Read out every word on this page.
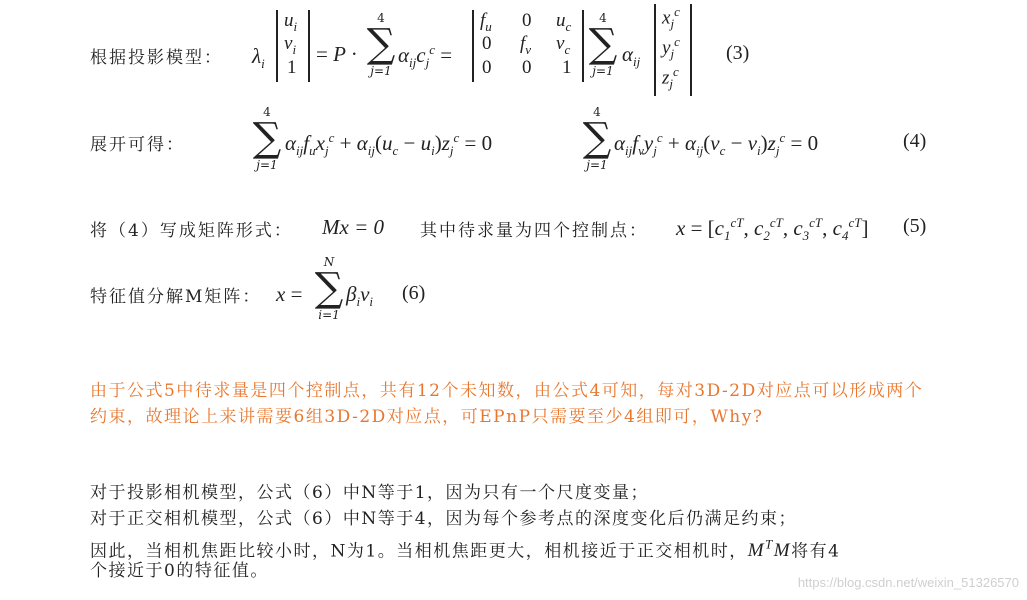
根据投影模型： $\lambda_i$
$u_i$
$v_i$
1
= P ·
4
∑
j=1
$\alpha_{ij}c_j^c$ =
$f_u$ 0 $u_c$
0 $f_v$ $v_c$
0 0 1
4
∑
j=1
$\alpha_{ij}$
$x_j^c$
$y_j^c$
$z_j^c$
(3)
展开可得：
4
∑
j=1
$\alpha_{ij}f_ux_j^c + \alpha_{ij}(u_c - u_i)z_j^c = 0$
4
∑
j=1
$\alpha_{ij}f_vy_j^c + \alpha_{ij}(v_c - v_i)z_j^c = 0$	(4)
将（4）写成矩阵形式： Mx = 0 其中待求量为四个控制点： $x = [c_1^{cT}$, $c_2^{cT}$, $c_3^{cT}$, $c_4^{cT}$] (5)
特征值分解M矩阵： x =
N
∑
i=1
$\beta_iv_i$ (6)
由于公式5中待求量是四个控制点，共有12个未知数，由公式4可知，每对3D-2D对应点可以形成两个约束，故理论上来讲需要6组3D-2D对应点，可EPnP只需要至少4组即可，Why?
对于投影相机模型，公式（6）中N等于1，因为只有一个尺度变量；
对于正交相机模型，公式（6）中N等于4，因为每个参考点的深度变化后仍满足约束；
因此，当相机焦距比较小时，N为1。当相机焦距更大，相机接近于正交相机时，$M^TM$将有4
个接近于0的特征值。
https://blog.csdn.net/weixin_51326570
